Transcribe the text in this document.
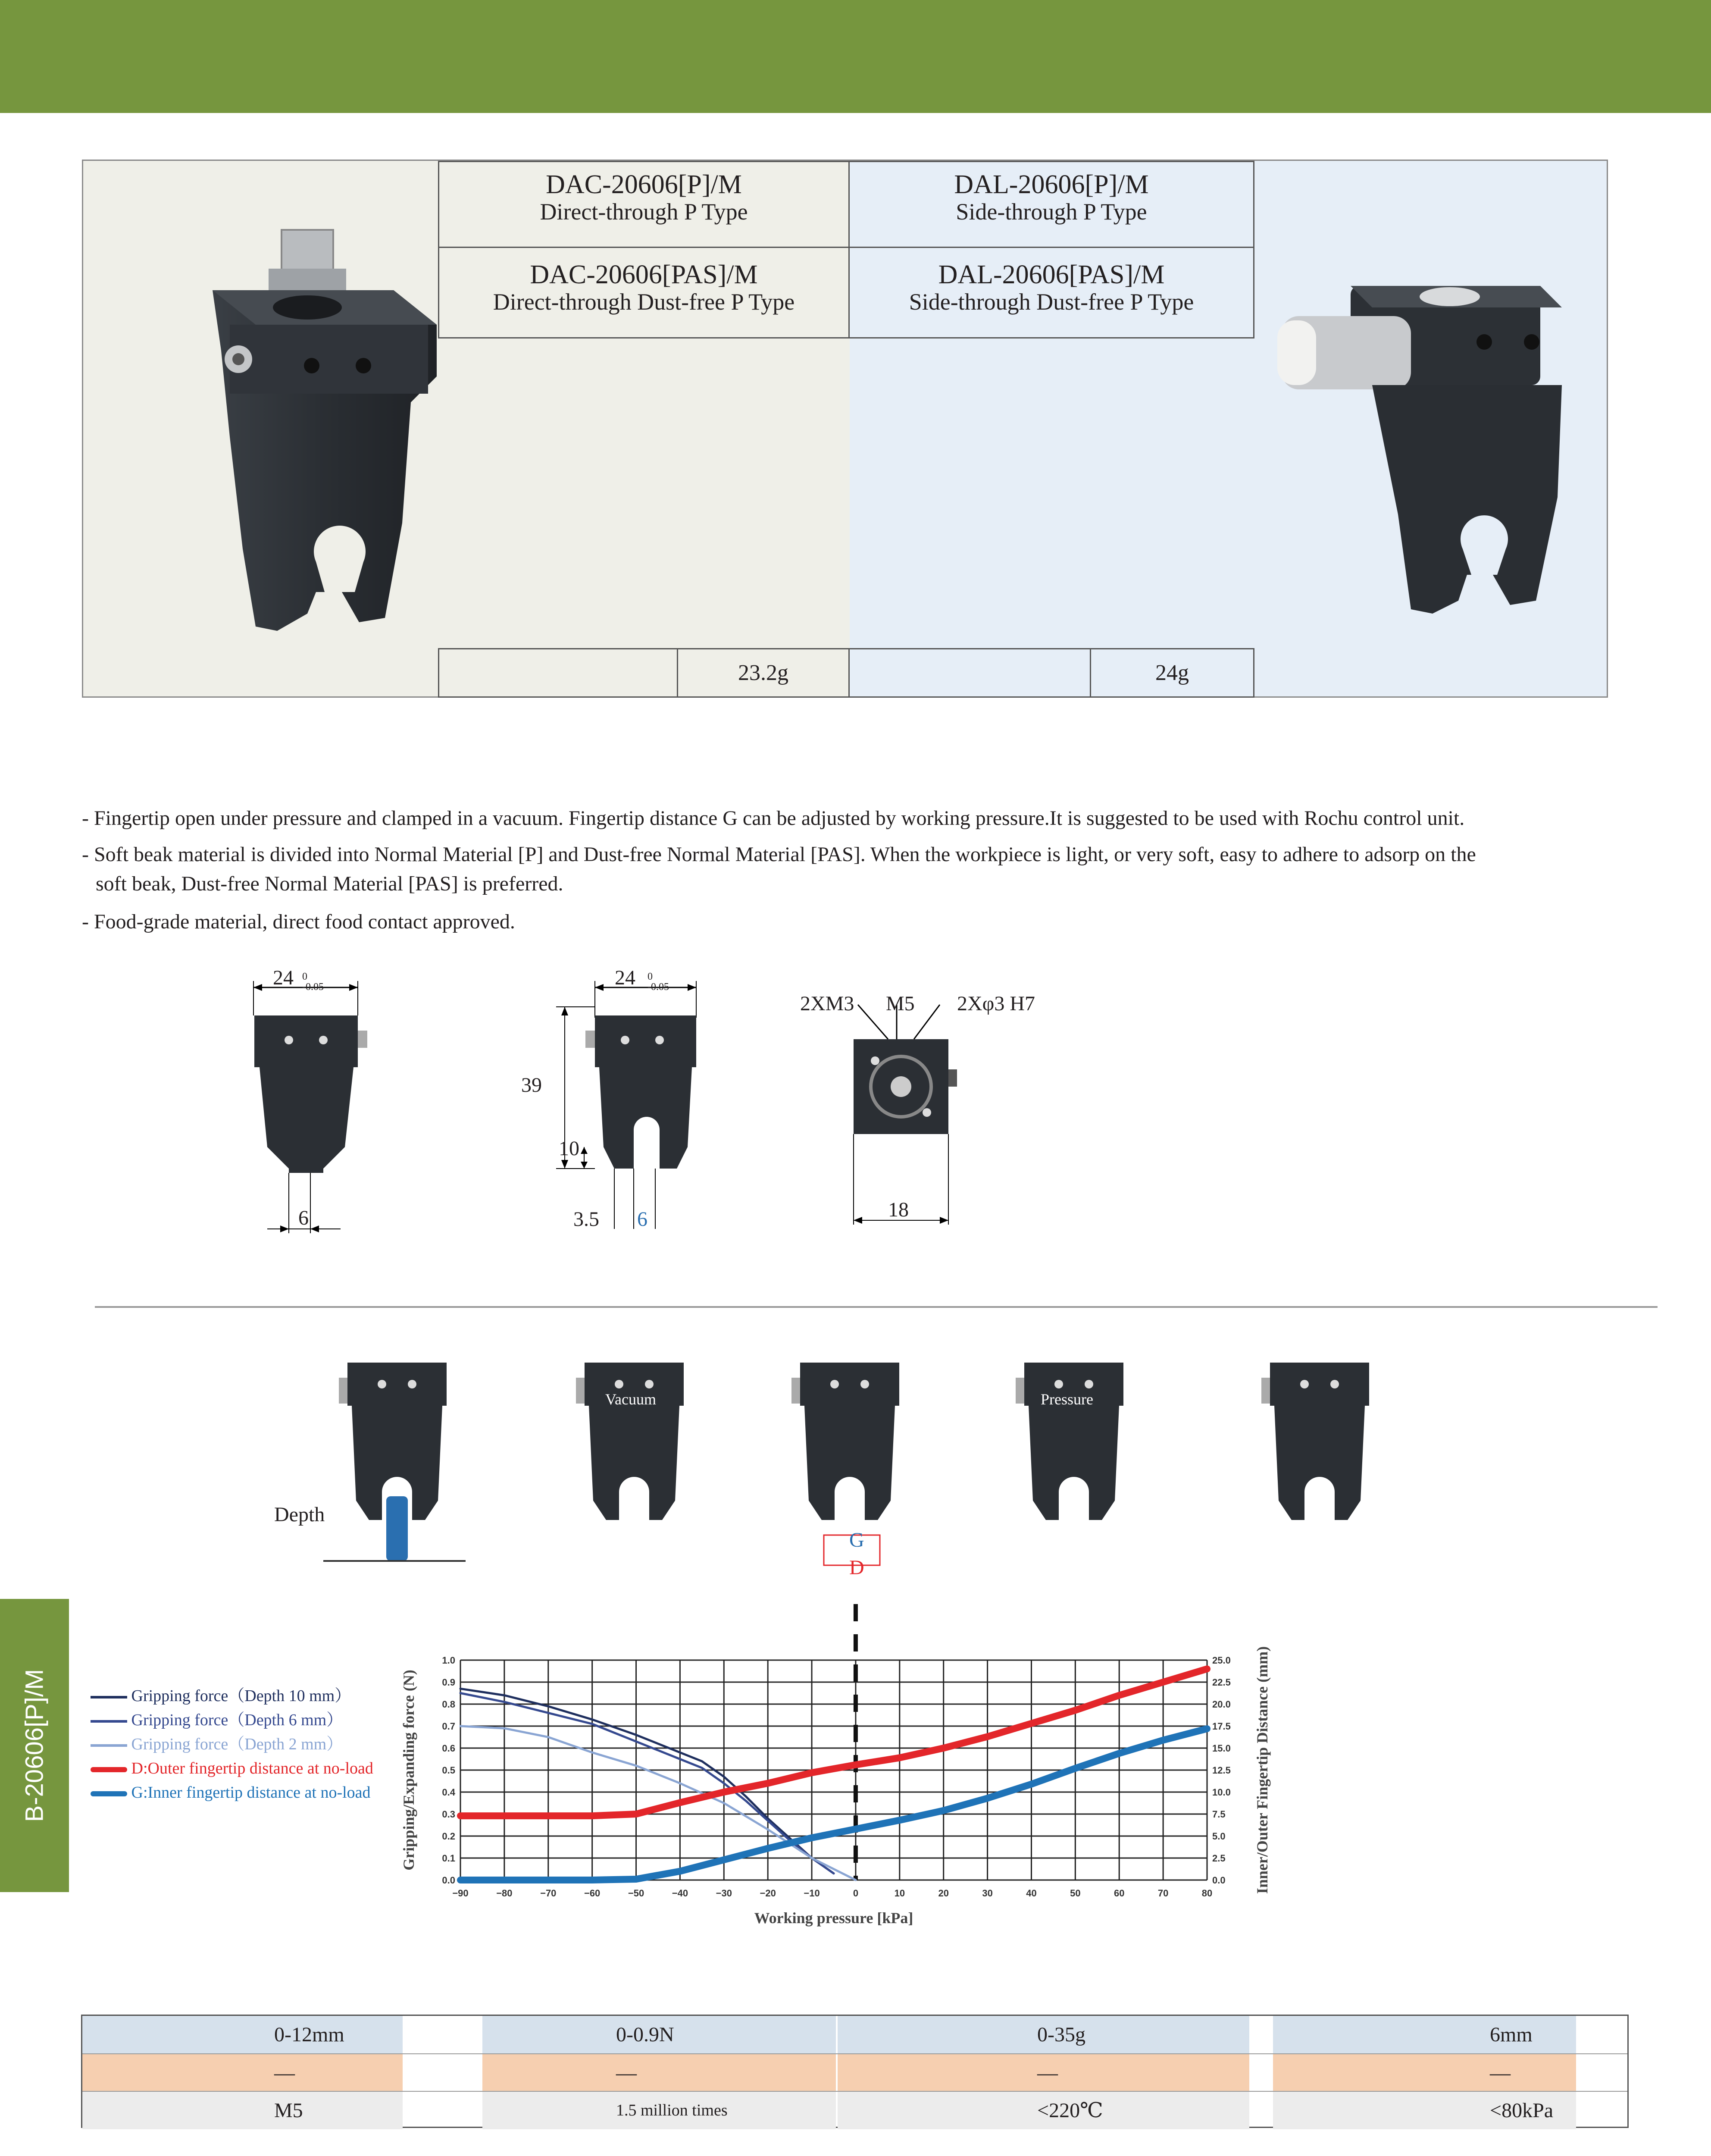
B-20606[P]/M
DAC-20606[P]/M
Direct-through P Type
DAC-20606[PAS]/M
Direct-through Dust-free P Type
23.2g
DAL-20606[P]/M
Side-through P Type
DAL-20606[PAS]/M
Side-through Dust-free P Type
24g
- Fingertip open under pressure and clamped in a vacuum. Fingertip distance G can be adjusted by working pressure.It is suggested to be used with Rochu control unit.
- Soft beak material is divided into Normal Material [P] and Dust-free Normal Material [PAS]. When the workpiece is light, or very soft, easy to adhere to adsorp on the
soft beak, Dust-free Normal Material [PAS] is preferred.
- Food-grade material, direct food contact approved.
24 0
-0.05
6
24 0
-0.05
39
10
3.5 6
2XM3 M5 2Xφ3 H7
18
Depth
Vacuum	Pressure
G
D
Gripping force（Depth 10 mm）
Gripping force（Depth 6 mm）
Gripping force（Depth 2 mm）
D:Outer fingertip distance at no-load
G:Inner fingertip distance at no-load
−90	−80	−70	−60	−50	−40	−30	−20	−10	0	10	20	30	40	50	60	70	80
0.0
0.1
0.2
0.3
0.4
0.5
0.6
0.7
0.8
0.9
1.0
0.0
2.5
5.0
7.5
10.0
12.5
15.0
17.5
20.0
22.5
25.0
Working pressure [kPa]
Gripping/Expanding force (N)	Inner/Outer Fingertip Distance (mm)
0-12mm	0-0.9N	0-35g	6mm
—	—	—	—
M5	1.5 million times	<220℃	<80kPa
